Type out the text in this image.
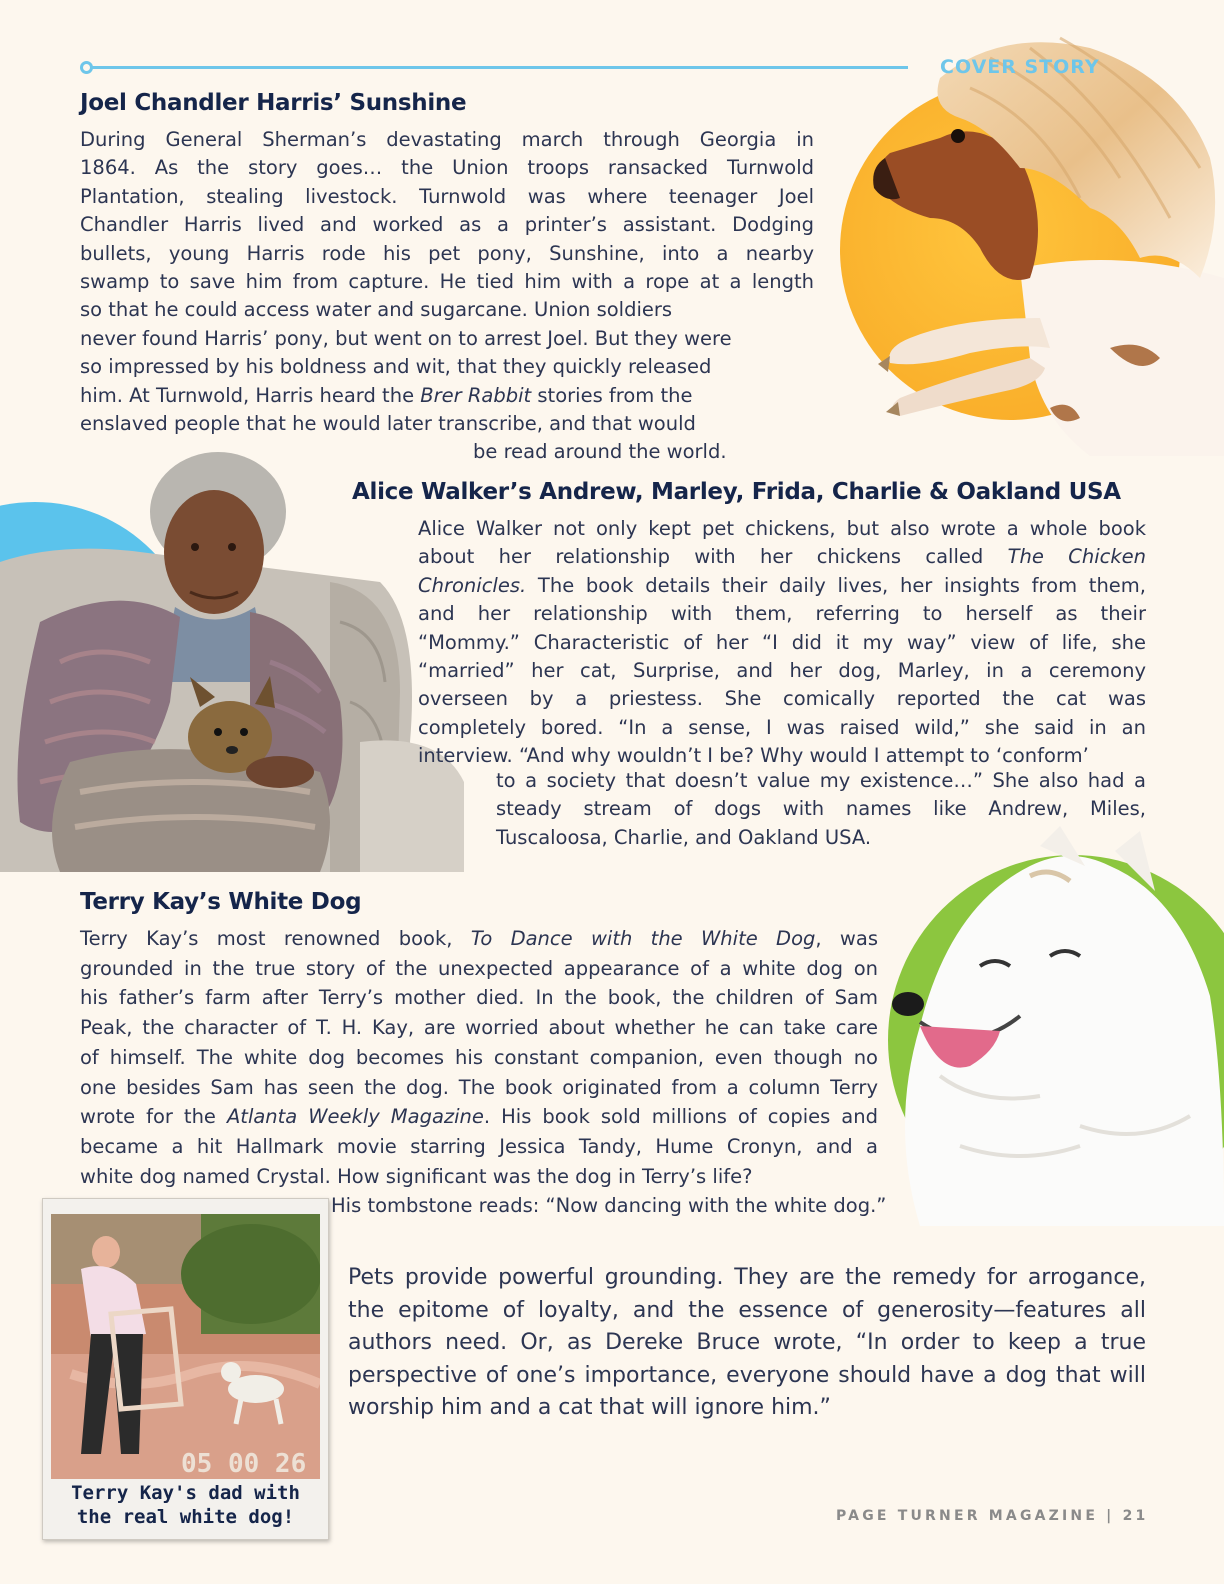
COVER STORY
Joel Chandler Harris’ Sunshine
During General Sherman’s devastating march through Georgia in
1864. As the story goes… the Union troops ransacked Turnwold
Plantation, stealing livestock. Turnwold was where teenager Joel
Chandler Harris lived and worked as a printer’s assistant. Dodging
bullets, young Harris rode his pet pony, Sunshine, into a nearby
swamp to save him from capture. He tied him with a rope at a length
so that he could access water and sugarcane. Union soldiers
never found Harris’ pony, but went on to arrest Joel. But they were
so impressed by his boldness and wit, that they quickly released
him. At Turnwold, Harris heard the Brer Rabbit stories from the
enslaved people that he would later transcribe, and that would
be read around the world.
Alice Walker’s Andrew, Marley, Frida, Charlie & Oakland USA
Alice Walker not only kept pet chickens, but also wrote a whole book
about her relationship with her chickens called The Chicken
Chronicles. The book details their daily lives, her insights from them,
and her relationship with them, referring to herself as their
“Mommy.” Characteristic of her “I did it my way” view of life, she
“married” her cat, Surprise, and her dog, Marley, in a ceremony
overseen by a priestess. She comically reported the cat was
completely bored. “In a sense, I was raised wild,” she said in an
interview. “And why wouldn’t I be? Why would I attempt to ‘conform’
to a society that doesn’t value my existence…” She also had a
steady stream of dogs with names like Andrew, Miles,
Tuscaloosa, Charlie, and Oakland USA.
Terry Kay’s White Dog
Terry Kay’s most renowned book, To Dance with the White Dog, was
grounded in the true story of the unexpected appearance of a white dog on
his father’s farm after Terry’s mother died. In the book, the children of Sam
Peak, the character of T. H. Kay, are worried about whether he can take care
of himself. The white dog becomes his constant companion, even though no
one besides Sam has seen the dog. The book originated from a column Terry
wrote for the Atlanta Weekly Magazine. His book sold millions of copies and
became a hit Hallmark movie starring Jessica Tandy, Hume Cronyn, and a
white dog named Crystal. How significant was the dog in Terry’s life?
His tombstone reads: “Now dancing with the white dog.”
05 00 26
Terry Kay's dad with
the real white dog!
Pets provide powerful grounding. They are the remedy for arrogance, the epitome of loyalty, and the essence of generosity—features all authors need. Or, as Dereke Bruce wrote, “In order to keep a true perspective of one’s importance, everyone should have a dog that will worship him and a cat that will ignore him.”
PAGE TURNER MAGAZINE | 21
